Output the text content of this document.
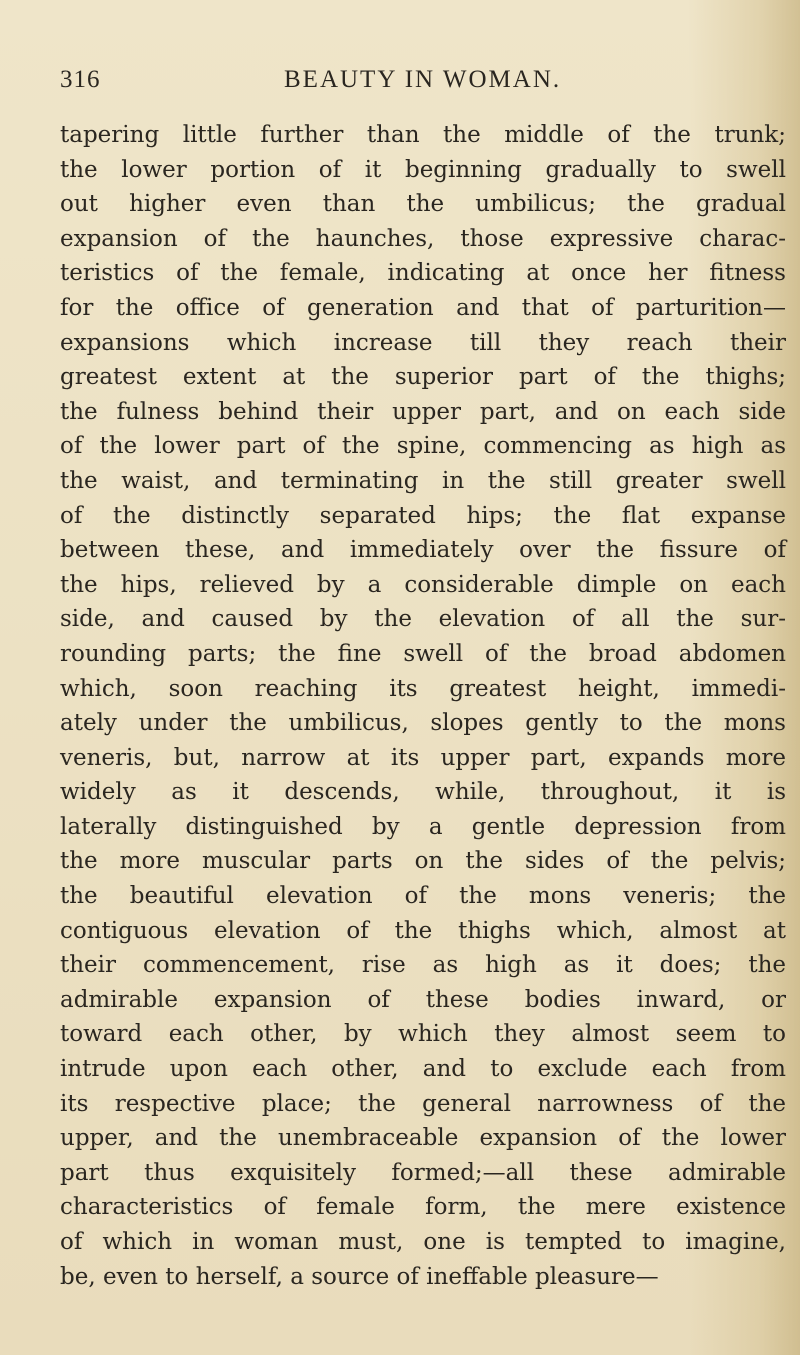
316	BEAUTY IN WOMAN.
tapering little further than the middle of the trunk;
the lower portion of it beginning gradually to swell
out higher even than the umbilicus; the gradual
expansion of the haunches, those expressive charac-
teristics of the female, indicating at once her fitness
for the office of generation and that of parturition—
expansions which increase till they reach their
greatest extent at the superior part of the thighs;
the fulness behind their upper part, and on each side
of the lower part of the spine, commencing as high as
the waist, and terminating in the still greater swell
of the distinctly separated hips; the flat expanse
between these, and immediately over the fissure of
the hips, relieved by a considerable dimple on each
side, and caused by the elevation of all the sur-
rounding parts; the fine swell of the broad abdomen
which, soon reaching its greatest height, immedi-
ately under the umbilicus, slopes gently to the mons
veneris, but, narrow at its upper part, expands more
widely as it descends, while, throughout, it is
laterally distinguished by a gentle depression from
the more muscular parts on the sides of the pelvis;
the beautiful elevation of the mons veneris; the
contiguous elevation of the thighs which, almost at
their commencement, rise as high as it does; the
admirable expansion of these bodies inward, or
toward each other, by which they almost seem to
intrude upon each other, and to exclude each from
its respective place; the general narrowness of the
upper, and the unembraceable expansion of the lower
part thus exquisitely formed;—all these admirable
characteristics of female form, the mere existence
of which in woman must, one is tempted to imagine,
be, even to herself, a source of ineffable pleasure—
